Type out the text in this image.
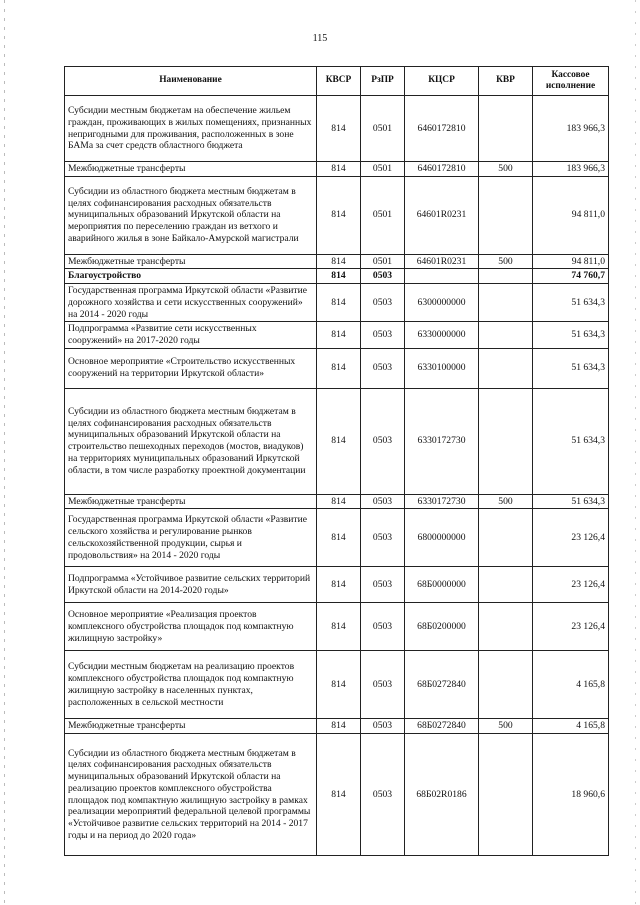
115
Наименование	КВСР	РзПР	КЦСР	КВР	Кассовое исполнение
Субсидии местным бюджетам на обеспечение жильем граждан, проживающих в жилых помещениях, признанных непригодными для проживания, расположенных в зоне БАМа за счет средств областного бюджета	814	0501	6460172810		183 966,3
Межбюджетные трансферты	814	0501	6460172810	500	183 966,3
Субсидии из областного бюджета местным бюджетам в целях софинансирования расходных обязательств муниципальных образований Иркутской области на мероприятия по переселению граждан из ветхого и аварийного жилья в зоне Байкало-Амурской магистрали	814	0501	64601R0231		94 811,0
Межбюджетные трансферты	814	0501	64601R0231	500	94 811,0
Благоустройство	814	0503			74 760,7
Государственная программа Иркутской области «Развитие дорожного хозяйства и сети искусственных сооружений» на 2014 - 2020 годы	814	0503	6300000000		51 634,3
Подпрограмма «Развитие сети искусственных сооружений» на 2017-2020 годы	814	0503	6330000000		51 634,3
Основное мероприятие «Строительство искусственных сооружений на территории Иркутской области»	814	0503	6330100000		51 634,3
Субсидии из областного бюджета местным бюджетам в целях софинансирования расходных обязательств муниципальных образований Иркутской области на строительство пешеходных переходов (мостов, виадуков) на территориях муниципальных образований Иркутской области, в том числе разработку проектной документации	814	0503	6330172730		51 634,3
Межбюджетные трансферты	814	0503	6330172730	500	51 634,3
Государственная программа Иркутской области «Развитие сельского хозяйства и регулирование рынков сельскохозяйственной продукции, сырья и продовольствия» на 2014 - 2020 годы	814	0503	6800000000		23 126,4
Подпрограмма «Устойчивое развитие сельских территорий Иркутской области на 2014-2020 годы»	814	0503	68Б0000000		23 126,4
Основное мероприятие «Реализация проектов комплексного обустройства площадок под компактную жилищную застройку»	814	0503	68Б0200000		23 126,4
Субсидии местным бюджетам на реализацию проектов комплексного обустройства площадок под компактную жилищную застройку в населенных пунктах, расположенных в сельской местности	814	0503	68Б0272840		4 165,8
Межбюджетные трансферты	814	0503	68Б0272840	500	4 165,8
Субсидии из областного бюджета местным бюджетам в целях софинансирования расходных обязательств муниципальных образований Иркутской области на реализацию проектов комплексного обустройства площадок под компактную жилищную застройку в рамках реализации мероприятий федеральной целевой программы «Устойчивое развитие сельских территорий на 2014 - 2017 годы и на период до 2020 года»	814	0503	68Б02R0186		18 960,6
